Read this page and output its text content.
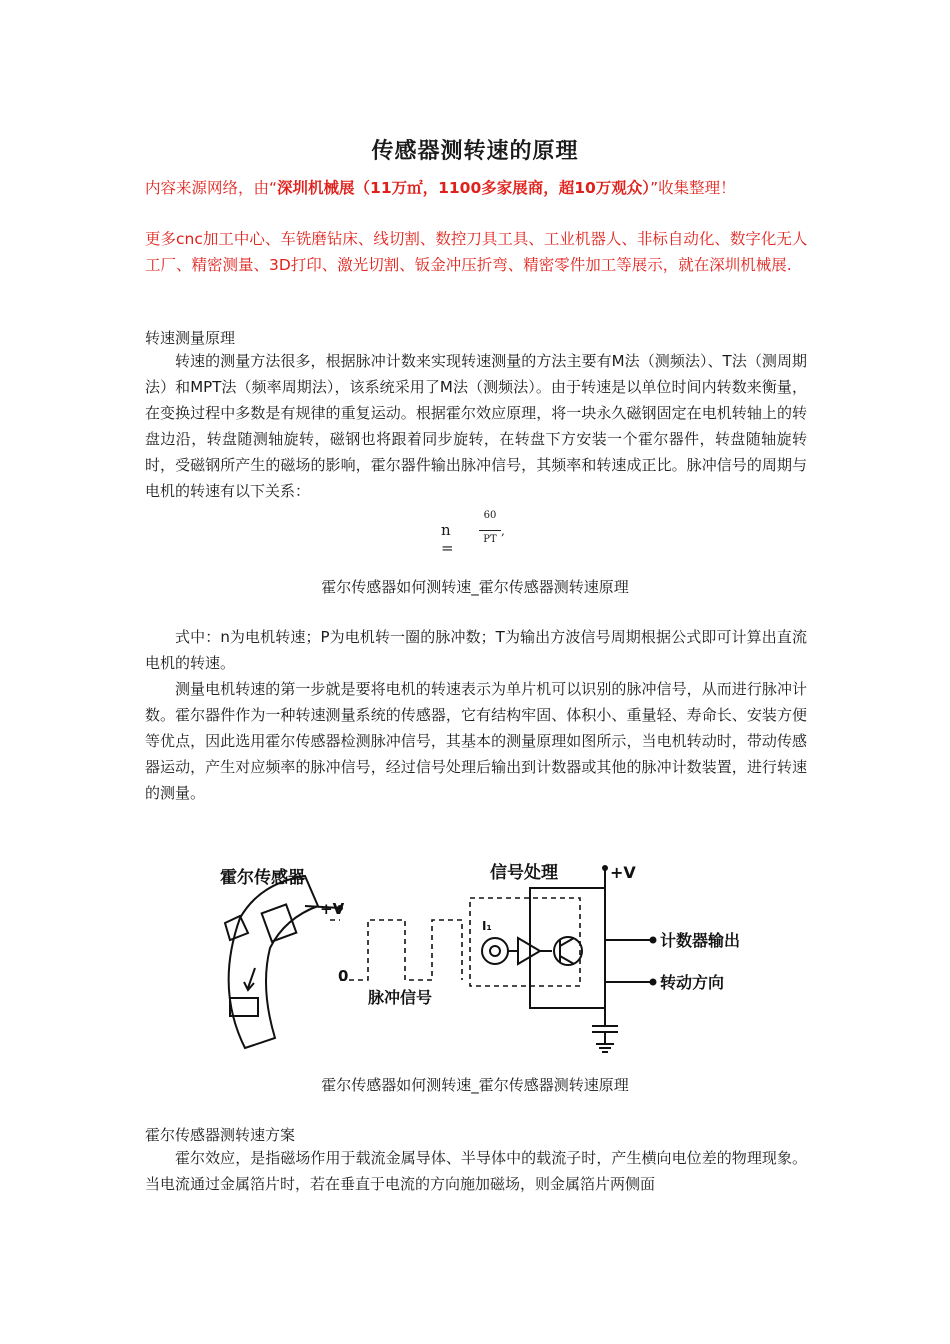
传感器测转速的原理
内容来源网络，由“深圳机械展（11万㎡，1100多家展商，超10万观众）”收集整理！
更多cnc加工中心、车铣磨钻床、线切割、数控刀具工具、工业机器人、非标自动化、数字化无人工厂、精密测量、3D打印、激光切割、钣金冲压折弯、精密零件加工等展示，就在深圳机械展.
转速测量原理

转速的测量方法很多，根据脉冲计数来实现转速测量的方法主要有M法（测频法）、T法（测周期法）和MPT法（频率周期法），该系统采用了M法（测频法）。由于转速是以单位时间内转数来衡量，在变换过程中多数是有规律的重复运动。根据霍尔效应原理，将一块永久磁钢固定在电机转轴上的转盘边沿，转盘随测轴旋转，磁钢也将跟着同步旋转，在转盘下方安装一个霍尔器件，转盘随轴旋转时，受磁钢所产生的磁场的影响，霍尔器件输出脉冲信号，其频率和转速成正比。脉冲信号的周期与电机的转速有以下关系：

n =
60
PT
,
霍尔传感器如何测转速_霍尔传感器测转速原理

式中：n为电机转速；P为电机转一圈的脉冲数；T为输出方波信号周期根据公式即可计算出直流电机的转速。

测量电机转速的第一步就是要将电机的转速表示为单片机可以识别的脉冲信号，从而进行脉冲计数。霍尔器件作为一种转速测量系统的传感器，它有结构牢固、体积小、重量轻、寿命长、安装方便等优点，因此选用霍尔传感器检测脉冲信号，其基本的测量原理如图所示，当电机转动时，带动传感器运动，产生对应频率的脉冲信号，经过信号处理后输出到计数器或其他的脉冲计数装置，进行转速的测量。

霍尔传感器
+V
0
脉冲信号
信号处理	+V
I₁
计数器输出
转动方向
霍尔传感器如何测转速_霍尔传感器测转速原理
霍尔传感器测转速方案

霍尔效应，是指磁场作用于载流金属导体、半导体中的载流子时，产生横向电位差的物理现象。当电流通过金属箔片时，若在垂直于电流的方向施加磁场，则金属箔片两侧面
